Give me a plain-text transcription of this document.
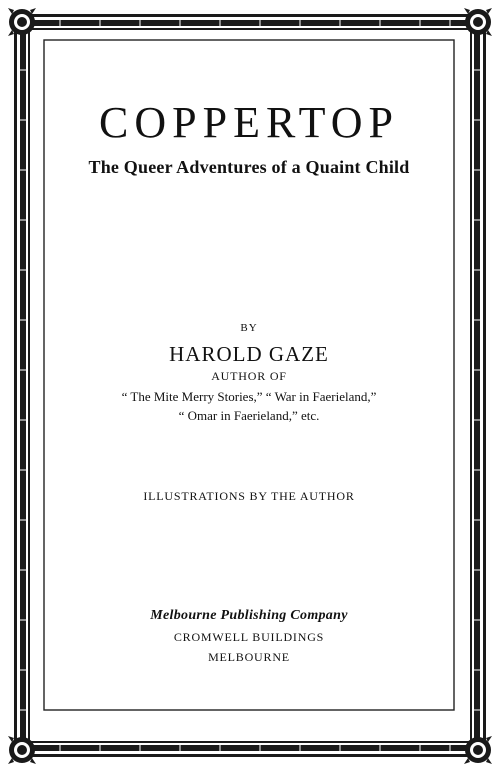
COPPERTOP
The Queer Adventures of a Quaint Child
BY
HAROLD GAZE
AUTHOR OF
“ The Mite Merry Stories,” “ War in Faerieland,”
“ Omar in Faerieland,” etc.
ILLUSTRATIONS BY THE AUTHOR
Melbourne Publishing Company
CROMWELL BUILDINGS
MELBOURNE
